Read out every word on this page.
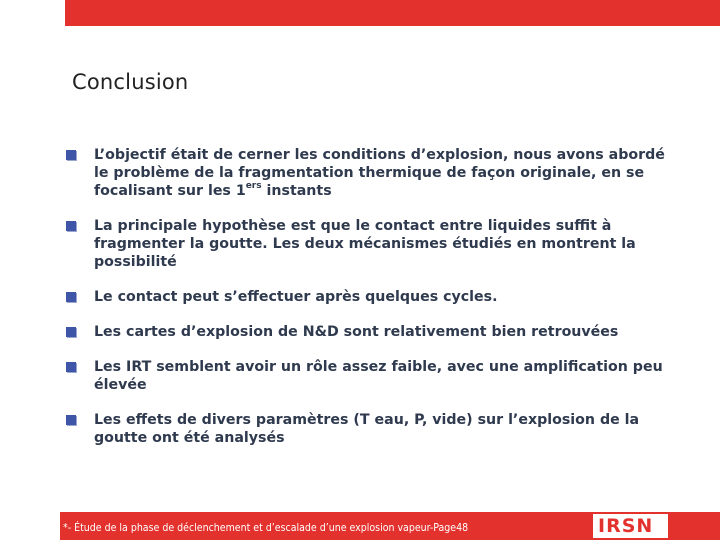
Conclusion
L’objectif était de cerner les conditions d’explosion, nous avons abordé le problème de la fragmentation thermique de façon originale, en se focalisant sur les 1ers instants
La principale hypothèse est que le contact entre liquides suffit à fragmenter la goutte. Les deux mécanismes étudiés en montrent la possibilité
Le contact peut s’effectuer après quelques cycles.
Les cartes d’explosion de N&D sont relativement bien retrouvées
Les IRT semblent avoir un rôle assez faible, avec une amplification peu élevée
Les effets de divers paramètres (T eau, P, vide) sur l’explosion de la goutte ont été analysés
*- Étude de la phase de déclenchement et d’escalade d’une explosion vapeur-Page48	IRSN
